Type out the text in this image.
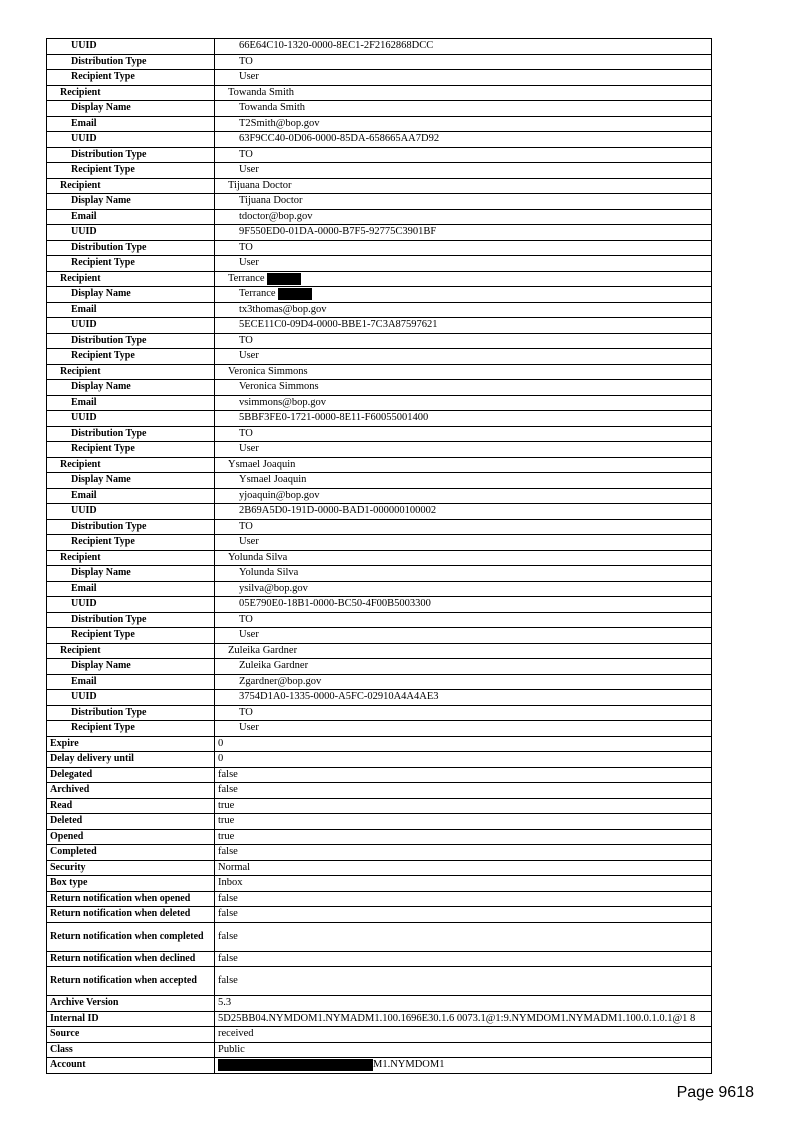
UUID	66E64C10-1320-0000-8EC1-2F2162868DCC

Distribution Type	TO

Recipient Type	User

Recipient	Towanda Smith

Display Name	Towanda Smith

Email	T2Smith@bop.gov

UUID	63F9CC40-0D06-0000-85DA-658665AA7D92

Distribution Type	TO

Recipient Type	User

Recipient	Tijuana Doctor

Display Name	Tijuana Doctor

Email	tdoctor@bop.gov

UUID	9F550ED0-01DA-0000-B7F5-92775C3901BF

Distribution Type	TO

Recipient Type	User

Recipient	Terrance

Display Name	Terrance

Email	tx3thomas@bop.gov

UUID	5ECE11C0-09D4-0000-BBE1-7C3A87597621

Distribution Type	TO

Recipient Type	User

Recipient	Veronica Simmons

Display Name	Veronica Simmons

Email	vsimmons@bop.gov

UUID	5BBF3FE0-1721-0000-8E11-F60055001400

Distribution Type	TO

Recipient Type	User

Recipient	Ysmael Joaquin

Display Name	Ysmael Joaquin

Email	yjoaquin@bop.gov

UUID	2B69A5D0-191D-0000-BAD1-000000100002

Distribution Type	TO

Recipient Type	User

Recipient	Yolunda Silva

Display Name	Yolunda Silva

Email	ysilva@bop.gov

UUID	05E790E0-18B1-0000-BC50-4F00B5003300

Distribution Type	TO

Recipient Type	User

Recipient	Zuleika Gardner

Display Name	Zuleika Gardner

Email	Zgardner@bop.gov

UUID	3754D1A0-1335-0000-A5FC-02910A4A4AE3

Distribution Type	TO

Recipient Type	User

Expire	0

Delay delivery until	0

Delegated	false

Archived	false

Read	true

Deleted	true

Opened	true

Completed	false

Security	Normal

Box type	Inbox

Return notification when opened	false

Return notification when deleted	false

Return notification when completed	false

Return notification when declined	false

Return notification when accepted	false

Archive Version	5.3

Internal ID	5D25BB04.NYMDOM1.NYMADM1.100.1696E30.1.6 0073.1@1:9.NYMDOM1.NYMADM1.100.0.1.0.1@1 8

Source	received

Class	Public

Account	M1.NYMDOM1
Page 9618
